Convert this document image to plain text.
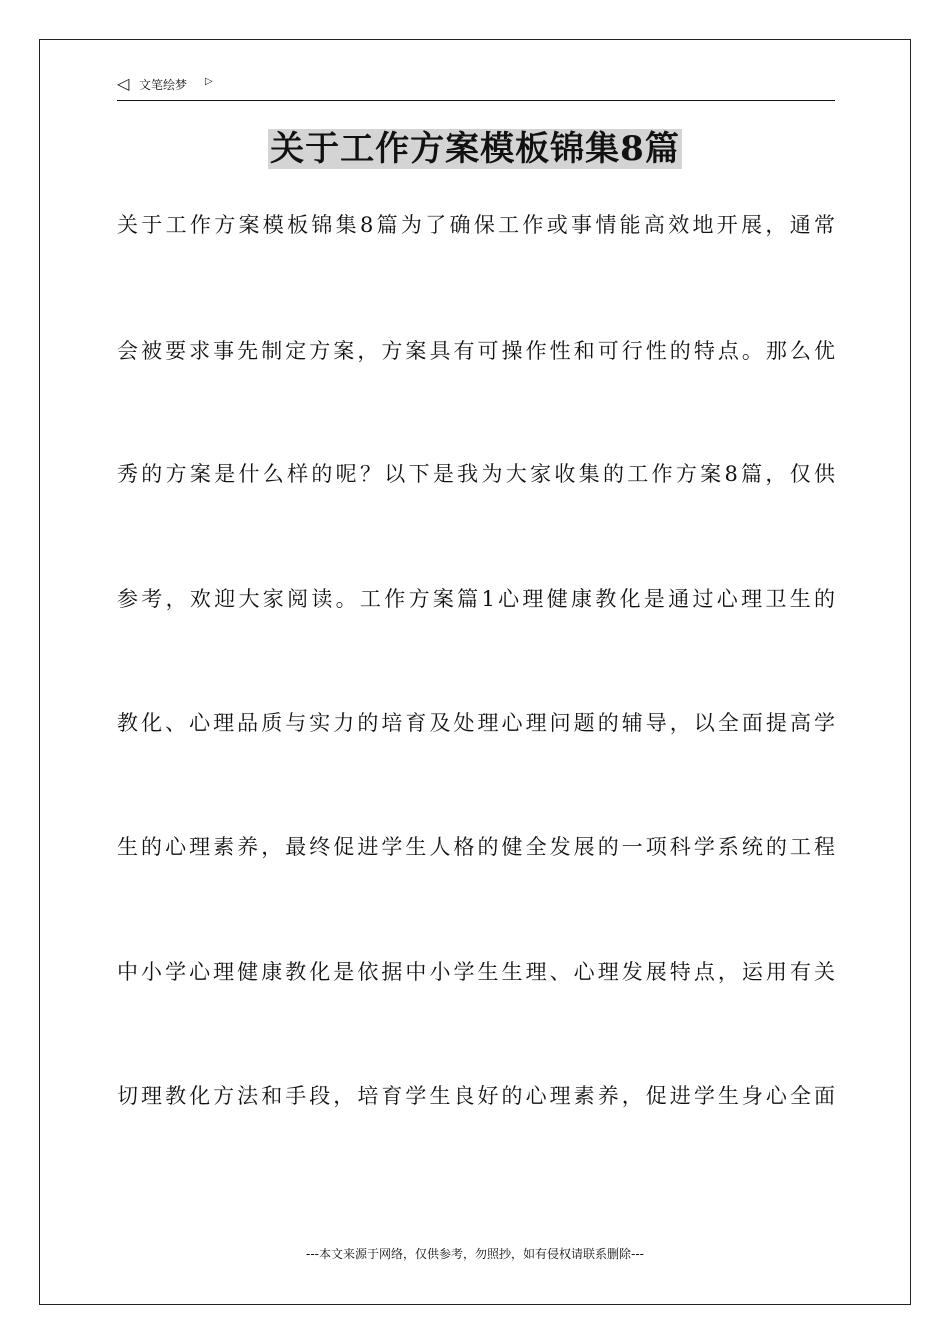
◁ 文笔绘梦 ▷
关于工作方案模板锦集8篇
关于工作方案模板锦集8篇为了确保工作或事情能高效地开展，通常
会被要求事先制定方案，方案具有可操作性和可行性的特点。那么优
秀的方案是什么样的呢？以下是我为大家收集的工作方案8篇，仅供
参考，欢迎大家阅读。工作方案篇1心理健康教化是通过心理卫生的
教化、心理品质与实力的培育及处理心理问题的辅导，以全面提高学
生的心理素养，最终促进学生人格的健全发展的一项科学系统的工程
中小学心理健康教化是依据中小学生生理、心理发展特点，运用有关
切理教化方法和手段，培育学生良好的心理素养，促进学生身心全面
---本文来源于网络，仅供参考，勿照抄，如有侵权请联系删除---
